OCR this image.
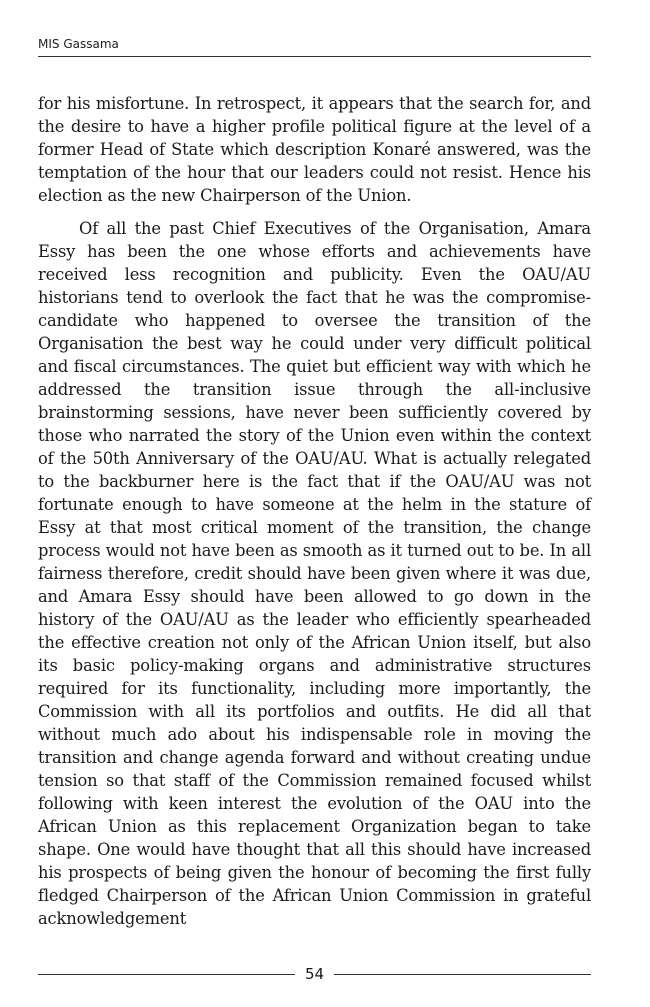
MIS Gassama

for his misfortune. In retrospect, it appears that the search for, and the desire to have a higher profile political figure at the level of a former Head of State which description Konaré answered, was the temptation of the hour that our leaders could not resist. Hence his election as the new Chairperson of the Union.

Of all the past Chief Executives of the Organisation, Amara Essy has been the one whose efforts and achievements have received less recognition and publicity. Even the OAU/AU historians tend to overlook the fact that he was the compromise-candidate who happened to oversee the transition of the Organisation the best way he could under very difficult political and fiscal circumstances. The quiet but efficient way with which he addressed the transition issue through the all-inclusive brainstorming sessions, have never been sufficiently covered by those who narrated the story of the Union even within the context of the 50th Anniversary of the OAU/AU. What is actually relegated to the backburner here is the fact that if the OAU/AU was not fortunate enough to have someone at the helm in the stature of Essy at that most critical moment of the transition, the change process would not have been as smooth as it turned out to be. In all fairness therefore, credit should have been given where it was due, and Amara Essy should have been allowed to go down in the history of the OAU/AU as the leader who efficiently spearheaded the effective creation not only of the African Union itself, but also its basic policy-making organs and administrative structures required for its functionality, including more importantly, the Commission with all its portfolios and outfits. He did all that without much ado about his indispensable role in moving the transition and change agenda forward and without creating undue tension so that staff of the Commission remained focused whilst following with keen interest the evolution of the OAU into the African Union as this replacement Organization began to take shape. One would have thought that all this should have increased his prospects of being given the honour of becoming the first fully fledged Chairperson of the African Union Commission in grateful acknowledgement

54
